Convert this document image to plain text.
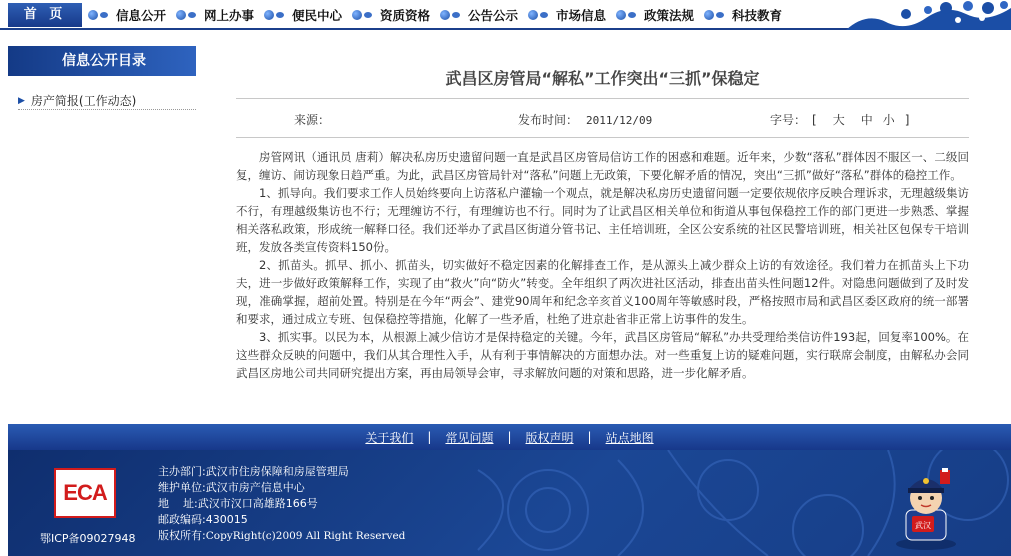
首 页	信息公开	网上办事	便民中心	资质资格	公告公示	市场信息	政策法规	科技教育
信息公开目录
▶ 房产简报(工作动态)
武昌区房管局“解私”工作突出“三抓”保稳定
来源：	发布时间： 2011/12/09	字号： [ 大 中小 ]

房管网讯（通讯员 唐莉）解决私房历史遗留问题一直是武昌区房管局信访工作的困惑和难题。近年来，少数“落私”群体因不服区一、二级回复，缠访、闹访现象日趋严重。为此，武昌区房管局针对“落私”问题上无政策，下要化解矛盾的情况，突出“三抓”做好“落私”群体的稳控工作。

1、抓导向。我们要求工作人员始终要向上访落私户灌输一个观点，就是解决私房历史遗留问题一定要依规依序反映合理诉求，无理越级集访不行，有理越级集访也不行；无理缠访不行，有理缠访也不行。同时为了让武昌区相关单位和街道从事包保稳控工作的部门更进一步熟悉、掌握相关落私政策，形成统一解释口径。我们还举办了武昌区街道分管书记、主任培训班，全区公安系统的社区民警培训班，相关社区包保专干培训班，发放各类宣传资料150份。

2、抓苗头。抓早、抓小、抓苗头，切实做好不稳定因素的化解排查工作，是从源头上减少群众上访的有效途径。我们着力在抓苗头上下功夫，进一步做好政策解释工作，实现了由“救火”向“防火”转变。全年组织了两次进社区活动，排查出苗头性问题12件。对隐患问题做到了及时发现，准确掌握，超前处置。特别是在今年“两会”、建党90周年和纪念辛亥首义100周年等敏感时段，严格按照市局和武昌区委区政府的统一部署和要求，通过成立专班、包保稳控等措施，化解了一些矛盾，杜绝了进京赴省非正常上访事件的发生。

3、抓实事。以民为本，从根源上减少信访才是保持稳定的关键。今年，武昌区房管局“解私”办共受理给类信访件193起，回复率100%。在这些群众反映的问题中，我们从其合理性入手，从有利于事情解决的方面想办法。对一些重复上访的疑难问题，实行联席会制度，由解私办会同武昌区房地公司共同研究提出方案，再由局领导会审，寻求解放问题的对策和思路，进一步化解矛盾。

关于我们 | 常见问题 | 版权声明 | 站点地图
ECA
鄂ICP备09027948
主办部门:武汉市住房保障和房屋管理局
维护单位:武汉市房产信息中心
地    址:武汉市汉口高雄路166号
邮政编码:430015
版权所有:CopyRight(c)2009 All Right Reserved
武汉
